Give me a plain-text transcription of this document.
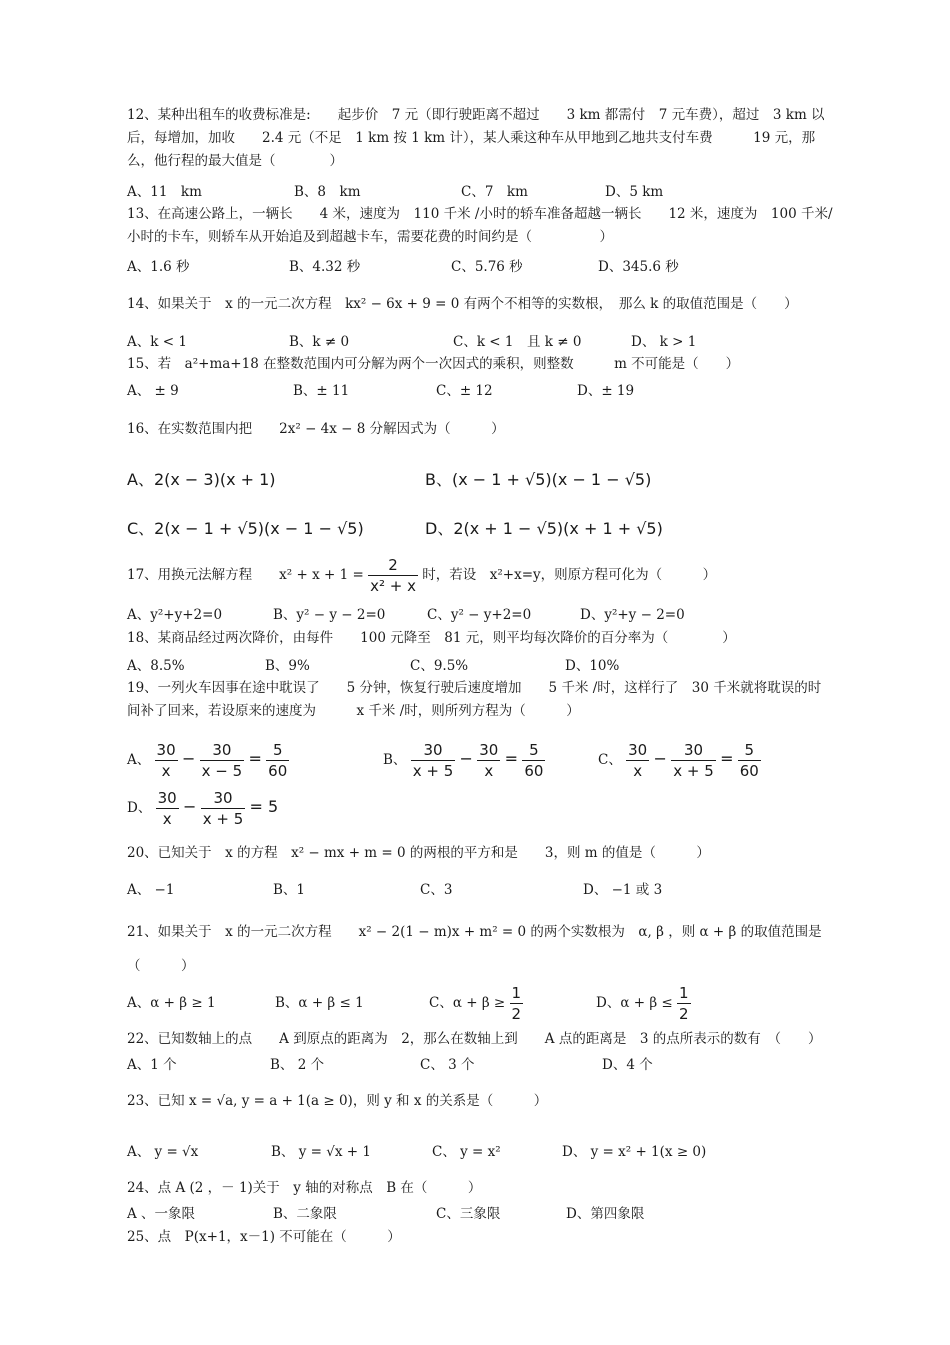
12、某种出租车的收费标准是:　　起步价　7 元（即行驶距离不超过　　3 km 都需付　7 元车费），超过　3 km 以后，每增加，加收　　2.4 元（不足　1 km 按 1 km 计），某人乘这种车从甲地到乙地共支付车费　　　19 元，那么，他行程的最大值是（　　　　）
A、11　km	B、8　km	C、7　km	D、5 km
13、在高速公路上，一辆长　　4 米，速度为　110 千米 /小时的轿车准备超越一辆长　　12 米，速度为　100 千米/ 小时的卡车，则轿车从开始追及到超越卡车，需要花费的时间约是（　　　　　）
A、1.6 秒	B、4.32 秒	C、5.76 秒	D、345.6 秒
14、如果关于　x 的一元二次方程　kx² − 6x + 9 = 0 有两个不相等的实数根，　那么 k 的取值范围是（　　）
A、k < 1	B、k ≠ 0	C、k < 1　且 k ≠ 0	D、 k > 1
15、若　a²+ma+18 在整数范围内可分解为两个一次因式的乘积，则整数　　　m 不可能是（　　）
A、 ± 9	B、± 11	C、± 12	D、± 19
16、在实数范围内把　　2x² − 4x − 8 分解因式为（　　　）
A、2(x − 3)(x + 1)	B、(x − 1 + √5)(x − 1 − √5)
C、2(x − 1 + √5)(x − 1 − √5)	D、2(x + 1 − √5)(x + 1 + √5)
17、用换元法解方程　　$x^2 + x + 1 = \frac{2}{\text{x² + x}}$ 时，若设　x²+x=y，则原方程可化为（　　　）
A、y²+y+2=0	B、y² − y − 2=0	C、y² − y+2=0	D、y²+y − 2=0
18、某商品经过两次降价，由每件　　100 元降至　81 元，则平均每次降价的百分率为（　　　　）
A、8.5%	B、9%	C、9.5%	D、10%
19、一列火车因事在途中耽误了　　5 分钟，恢复行驶后速度增加　　5 千米 /时，这样行了　30 千米就将耽误的时间补了回来，若设原来的速度为　　　x 千米 /时，则所列方程为（　　　）
A、 $\frac{30}{x} - \frac{30}{x - 5} = \frac{5}{60}$	B、 $\frac{30}{x + 5} - \frac{30}{x} = \frac{5}{60}$	C、 $\frac{30}{x} - \frac{30}{x + 5} = \frac{5}{60}$
D、 $\frac{30}{x} - \frac{30}{x + 5} = 5$
20、已知关于　x 的方程　x² − mx + m = 0 的两根的平方和是　　3，则 m 的值是（　　　）
A、 −1	B、1	C、3	D、 −1 或 3
21、如果关于　x 的一元二次方程　　x² − 2(1 − m)x + m² = 0 的两个实数根为　α, β ，则 α + β 的取值范围是（　　　）
A、α + β ≥ 1	B、α + β ≤ 1	C、$\alpha + \beta \ge \frac{1}{2}$	D、$\alpha + \beta \le \frac{1}{2}$
22、已知数轴上的点　　A 到原点的距离为　2，那么在数轴上到　　A 点的距离是　3 的点所表示的数有　（　　）
A、1 个	B、 2 个	C、 3 个	D、4 个
23、已知 x = √a, y = a + 1(a ≥ 0)，则 y 和 x 的关系是（　　　）
A、 y = √x	B、 y = √x + 1	C、 y = x²	D、 y = x² + 1(x ≥ 0)
24、点 A (2 ，－ 1)关于　y 轴的对称点　B 在（　　　）
A 、一象限	B、二象限	C、三象限	D、第四象限
25、点　P(x+1，x－1) 不可能在（　　　）
